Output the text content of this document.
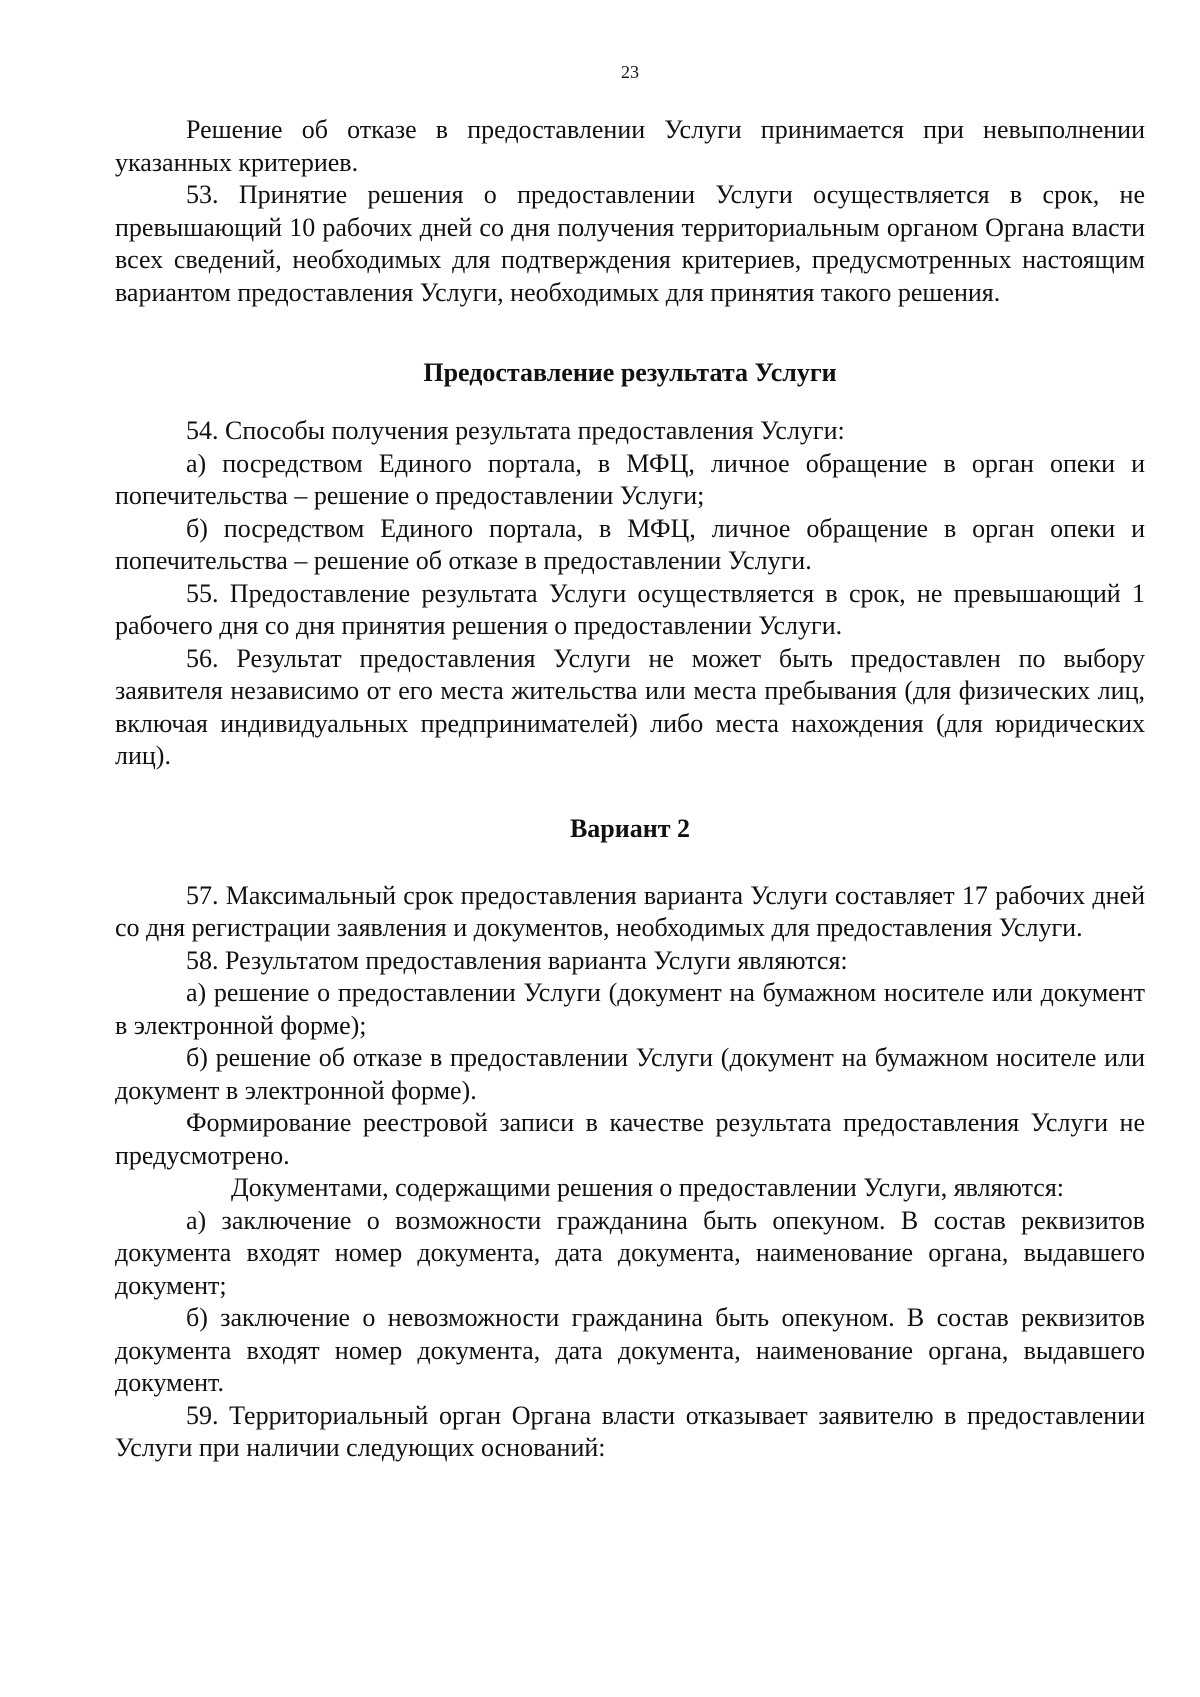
23

Решение об отказе в предоставлении Услуги принимается при невыполнении указанных критериев.

53. Принятие решения о предоставлении Услуги осуществляется в срок, не превышающий 10 рабочих дней со дня получения территориальным органом Органа власти всех сведений, необходимых для подтверждения критериев, предусмотренных настоящим вариантом предоставления Услуги, необходимых для принятия такого решения.

Предоставление результата Услуги

54. Способы получения результата предоставления Услуги:

а) посредством Единого портала, в МФЦ, личное обращение в орган опеки и попечительства – решение о предоставлении Услуги;

б) посредством Единого портала, в МФЦ, личное обращение в орган опеки и попечительства – решение об отказе в предоставлении Услуги.

55. Предоставление результата Услуги осуществляется в срок, не превышающий 1 рабочего дня со дня принятия решения о предоставлении Услуги.

56. Результат предоставления Услуги не может быть предоставлен по выбору заявителя независимо от его места жительства или места пребывания (для физических лиц, включая индивидуальных предпринимателей) либо места нахождения (для юридических лиц).

Вариант 2

57. Максимальный срок предоставления варианта Услуги составляет 17 рабочих дней со дня регистрации заявления и документов, необходимых для предоставления Услуги.

58. Результатом предоставления варианта Услуги являются:

а) решение о предоставлении Услуги (документ на бумажном носителе или документ в электронной форме);

б) решение об отказе в предоставлении Услуги (документ на бумажном носителе или документ в электронной форме).

Формирование реестровой записи в качестве результата предоставления Услуги не предусмотрено.

Документами, содержащими решения о предоставлении Услуги, являются:

а) заключение о возможности гражданина быть опекуном. В состав реквизитов документа входят номер документа, дата документа, наименование органа, выдавшего документ;

б) заключение о невозможности гражданина быть опекуном. В состав реквизитов документа входят номер документа, дата документа, наименование органа, выдавшего документ.

59. Территориальный орган Органа власти отказывает заявителю в предоставлении Услуги при наличии следующих оснований:
